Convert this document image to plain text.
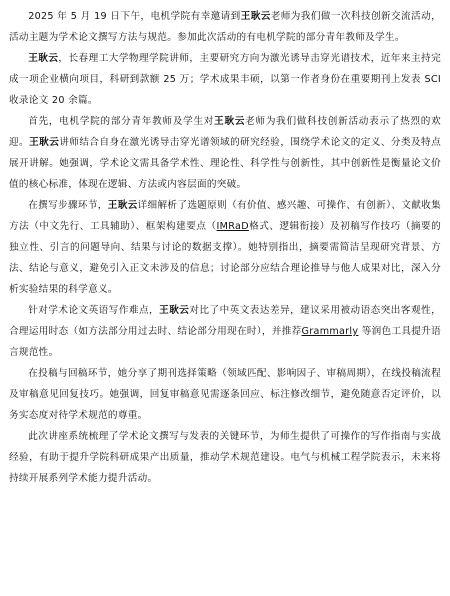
2025 年 5 月 19 日下午，电机学院有幸邀请到王耿云老师为我们做一次科技创新交流活动，活动主题为学术论文撰写方法与规范。参加此次活动的有电机学院的部分青年教师及学生。

王耿云，长春理工大学物理学院讲师，主要研究方向为激光诱导击穿光谱技术，近年来主持完成一项企业横向项目，科研到款额 25 万；学术成果丰硕，以第一作者身份在重要期刊上发表 SCI 收录论文 20 余篇。

首先，电机学院的部分青年教师及学生对王耿云老师为我们做科技创新活动表示了热烈的欢迎。王耿云讲师结合自身在激光诱导击穿光谱领域的研究经验，围绕学术论文的定义、分类及特点展开讲解。她强调，学术论文需具备学术性、理论性、科学性与创新性，其中创新性是衡量论文价值的核心标准，体现在逻辑、方法或内容层面的突破。

在撰写步骤环节，王耿云详细解析了选题原则（有价值、感兴趣、可操作、有创新）、文献收集方法（中文先行、工具辅助）、框架构建要点（IMRaD格式、逻辑衔接）及初稿写作技巧（摘要的独立性、引言的问题导向、结果与讨论的数据支撑）。她特别指出，摘要需简洁呈现研究背景、方法、结论与意义，避免引入正文未涉及的信息；讨论部分应结合理论推导与他人成果对比，深入分析实验结果的科学意义。

针对学术论文英语写作难点，王耿云对比了中英文表达差异，建议采用被动语态突出客观性，合理运用时态（如方法部分用过去时、结论部分用现在时），并推荐Grammarly 等润色工具提升语言规范性。

在投稿与回稿环节，她分享了期刊选择策略（领域匹配、影响因子、审稿周期），在线投稿流程及审稿意见回复技巧。她强调，回复审稿意见需逐条回应、标注修改细节，避免随意否定评价，以务实态度对待学术规范的尊重。

此次讲座系统梳理了学术论文撰写与发表的关键环节，为师生提供了可操作的写作指南与实战经验，有助于提升学院科研成果产出质量，推动学术规范建设。电气与机械工程学院表示，未来将持续开展系列学术能力提升活动。
